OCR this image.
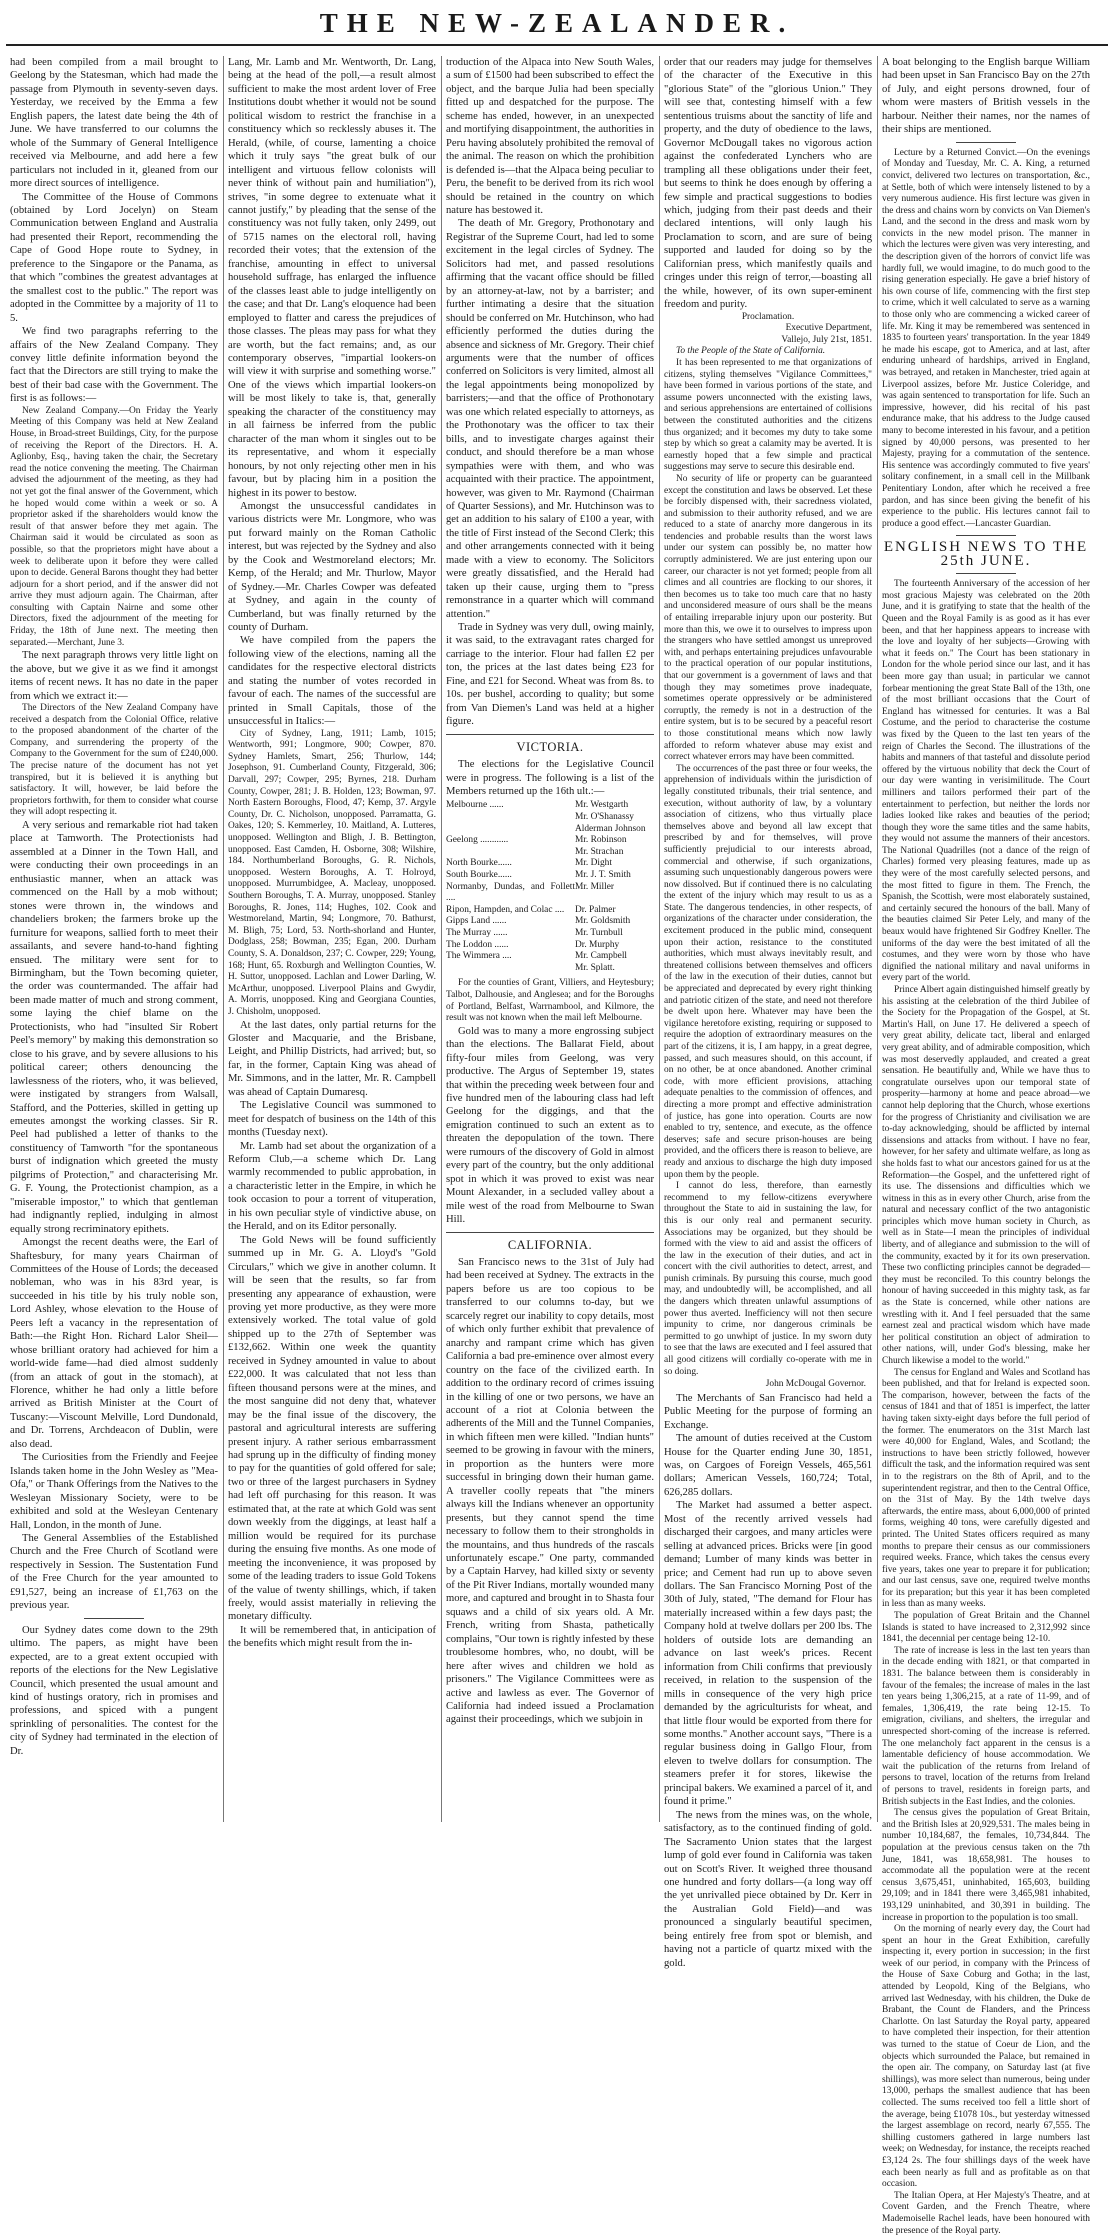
THE NEW-ZEALANDER.

had been compiled from a mail brought to Geelong by the Statesman, which had made the passage from Plymouth in seventy-seven days. Yesterday, we received by the Emma a few English papers, the latest date being the 4th of June. We have transferred to our columns the whole of the Summary of General Intelligence received via Melbourne, and add here a few particulars not included in it, gleaned from our more direct sources of intelligence.

The Committee of the House of Commons (obtained by Lord Jocelyn) on Steam Communication between England and Australia had presented their Report, recommending the Cape of Good Hope route to Sydney, in preference to the Singapore or the Panama, as that which "combines the greatest advantages at the smallest cost to the public." The report was adopted in the Committee by a majority of 11 to 5.

We find two paragraphs referring to the affairs of the New Zealand Company. They convey little definite information beyond the fact that the Directors are still trying to make the best of their bad case with the Government. The first is as follows:—

New Zealand Company.—On Friday the Yearly Meeting of this Company was held at New Zealand House, in Broad-street Buildings, City, for the purpose of receiving the Report of the Directors. H. A. Aglionby, Esq., having taken the chair, the Secretary read the notice convening the meeting. The Chairman advised the adjournment of the meeting, as they had not yet got the final answer of the Government, which he hoped would come within a week or so. A proprietor asked if the shareholders would know the result of that answer before they met again. The Chairman said it would be circulated as soon as possible, so that the proprietors might have about a week to deliberate upon it before they were called upon to decide. General Barons thought they had better adjourn for a short period, and if the answer did not arrive they must adjourn again. The Chairman, after consulting with Captain Nairne and some other Directors, fixed the adjournment of the meeting for Friday, the 18th of June next. The meeting then separated.—Merchant, June 3.

The next paragraph throws very little light on the above, but we give it as we find it amongst items of recent news. It has no date in the paper from which we extract it:—

The Directors of the New Zealand Company have received a despatch from the Colonial Office, relative to the proposed abandonment of the charter of the Company, and surrendering the property of the Company to the Government for the sum of £240,000. The precise nature of the document has not yet transpired, but it is believed it is anything but satisfactory. It will, however, be laid before the proprietors forthwith, for them to consider what course they will adopt respecting it.

A very serious and remarkable riot had taken place at Tamworth. The Protectionists had assembled at a Dinner in the Town Hall, and were conducting their own proceedings in an enthusiastic manner, when an attack was commenced on the Hall by a mob without; stones were thrown in, the windows and chandeliers broken; the farmers broke up the furniture for weapons, sallied forth to meet their assailants, and severe hand-to-hand fighting ensued. The military were sent for to Birmingham, but the Town becoming quieter, the order was countermanded. The affair had been made matter of much and strong comment, some laying the chief blame on the Protectionists, who had "insulted Sir Robert Peel's memory" by making this demonstration so close to his grave, and by severe allusions to his political career; others denouncing the lawlessness of the rioters, who, it was believed, were instigated by strangers from Walsall, Stafford, and the Potteries, skilled in getting up emeutes amongst the working classes. Sir R. Peel had published a letter of thanks to the constituency of Tamworth "for the spontaneous burst of indignation which greeted the musty pilgrims of Protection," and characterising Mr. G. F. Young, the Protectionist champion, as a "miserable impostor," to which that gentleman had indignantly replied, indulging in almost equally strong recriminatory epithets.

Amongst the recent deaths were, the Earl of Shaftesbury, for many years Chairman of Committees of the House of Lords; the deceased nobleman, who was in his 83rd year, is succeeded in his title by his truly noble son, Lord Ashley, whose elevation to the House of Peers left a vacancy in the representation of Bath:—the Right Hon. Richard Lalor Sheil—whose brilliant oratory had achieved for him a world-wide fame—had died almost suddenly (from an attack of gout in the stomach), at Florence, whither he had only a little before arrived as British Minister at the Court of Tuscany:—Viscount Melville, Lord Dundonald, and Dr. Torrens, Archdeacon of Dublin, were also dead.

The Curiosities from the Friendly and Feejee Islands taken home in the John Wesley as "Mea-Ofa," or Thank Offerings from the Natives to the Wesleyan Missionary Society, were to be exhibited and sold at the Wesleyan Centenary Hall, London, in the month of June.

The General Assemblies of the Established Church and the Free Church of Scotland were respectively in Session. The Sustentation Fund of the Free Church for the year amounted to £91,527, being an increase of £1,763 on the previous year.

Our Sydney dates come down to the 29th ultimo. The papers, as might have been expected, are to a great extent occupied with reports of the elections for the New Legislative Council, which presented the usual amount and kind of hustings oratory, rich in promises and professions, and spiced with a pungent sprinkling of personalities. The contest for the city of Sydney had terminated in the election of Dr.

Lang, Mr. Lamb and Mr. Wentworth, Dr. Lang, being at the head of the poll,—a result almost sufficient to make the most ardent lover of Free Institutions doubt whether it would not be sound political wisdom to restrict the franchise in a constituency which so recklessly abuses it. The Herald, (while, of course, lamenting a choice which it truly says "the great bulk of our intelligent and virtuous fellow colonists will never think of without pain and humiliation"), strives, "in some degree to extenuate what it cannot justify," by pleading that the sense of the constituency was not fully taken, only 2499, out of 5715 names on the electoral roll, having recorded their votes; that the extension of the franchise, amounting in effect to universal household suffrage, has enlarged the influence of the classes least able to judge intelligently on the case; and that Dr. Lang's eloquence had been employed to flatter and caress the prejudices of those classes. The pleas may pass for what they are worth, but the fact remains; and, as our contemporary observes, "impartial lookers-on will view it with surprise and something worse." One of the views which impartial lookers-on will be most likely to take is, that, generally speaking the character of the constituency may in all fairness be inferred from the public character of the man whom it singles out to be its representative, and whom it especially honours, by not only rejecting other men in his favour, but by placing him in a position the highest in its power to bestow.

Amongst the unsuccessful candidates in various districts were Mr. Longmore, who was put forward mainly on the Roman Catholic interest, but was rejected by the Sydney and also by the Cook and Westmoreland electors; Mr. Kemp, of the Herald; and Mr. Thurlow, Mayor of Sydney.—Mr. Charles Cowper was defeated at Sydney, and again in the county of Cumberland, but was finally returned by the county of Durham.

We have compiled from the papers the following view of the elections, naming all the candidates for the respective electoral districts and stating the number of votes recorded in favour of each. The names of the successful are printed in Small Capitals, those of the unsuccessful in Italics:—

City of Sydney, Lang, 1911; Lamb, 1015; Wentworth, 991; Longmore, 900; Cowper, 870. Sydney Hamlets, Smart, 256; Thurlow, 144; Josephson, 91. Cumberland County, Fitzgerald, 306; Darvall, 297; Cowper, 295; Byrnes, 218. Durham County, Cowper, 281; J. B. Holden, 123; Bowman, 97. North Eastern Boroughs, Flood, 47; Kemp, 37. Argyle County, Dr. C. Nicholson, unopposed. Parramatta, G. Oakes, 120; S. Kemmerley, 10. Maitland, A. Lutteres, unopposed. Wellington and Bligh, J. B. Bettington, unopposed. East Camden, H. Osborne, 308; Wilshire, 184. Northumberland Boroughs, G. R. Nichols, unopposed. Western Boroughs, A. T. Holroyd, unopposed. Murrumbidgee, A. Macleay, unopposed. Southern Boroughs, T. A. Murray, unopposed. Stanley Boroughs, R. Jones, 114; Hughes, 102. Cook and Westmoreland, Martin, 94; Longmore, 70. Bathurst, M. Bligh, 75; Lord, 53. North-shorland and Hunter, Dodglass, 258; Bowman, 235; Egan, 200. Durham County, S. A. Donaldson, 237; C. Cowper, 229; Young, 168; Hunt, 65. Roxburgh and Wellington Counties, W. H. Suttor, unopposed. Lachlan and Lower Darling, W. McArthur, unopposed. Liverpool Plains and Gwydir, A. Morris, unopposed. King and Georgiana Counties, J. Chisholm, unopposed.

At the last dates, only partial returns for the Gloster and Macquarie, and the Brisbane, Leight, and Phillip Districts, had arrived; but, so far, in the former, Captain King was ahead of Mr. Simmons, and in the latter, Mr. R. Campbell was ahead of Captain Dumaresq.

The Legislative Council was summoned to meet for despatch of business on the 14th of this months (Tuesday next).

Mr. Lamb had set about the organization of a Reform Club,—a scheme which Dr. Lang warmly recommended to public approbation, in a characteristic letter in the Empire, in which he took occasion to pour a torrent of vituperation, in his own peculiar style of vindictive abuse, on the Herald, and on its Editor personally.

The Gold News will be found sufficiently summed up in Mr. G. A. Lloyd's "Gold Circulars," which we give in another column. It will be seen that the results, so far from presenting any appearance of exhaustion, were proving yet more productive, as they were more extensively worked. The total value of gold shipped up to the 27th of September was £132,662. Within one week the quantity received in Sydney amounted in value to about £22,000. It was calculated that not less than fifteen thousand persons were at the mines, and the most sanguine did not deny that, whatever may be the final issue of the discovery, the pastoral and agricultural interests are suffering present injury. A rather serious embarrassment had sprung up in the difficulty of finding money to pay for the quantities of gold offered for sale; two or three of the largest purchasers in Sydney had left off purchasing for this reason. It was estimated that, at the rate at which Gold was sent down weekly from the diggings, at least half a million would be required for its purchase during the ensuing five months. As one mode of meeting the inconvenience, it was proposed by some of the leading traders to issue Gold Tokens of the value of twenty shillings, which, if taken freely, would assist materially in relieving the monetary difficulty.

It will be remembered that, in anticipation of the benefits which might result from the in-

troduction of the Alpaca into New South Wales, a sum of £1500 had been subscribed to effect the object, and the barque Julia had been specially fitted up and despatched for the purpose. The scheme has ended, however, in an unexpected and mortifying disappointment, the authorities in Peru having absolutely prohibited the removal of the animal. The reason on which the prohibition is defended is—that the Alpaca being peculiar to Peru, the benefit to be derived from its rich wool should be retained in the country on which nature has bestowed it.

The death of Mr. Gregory, Prothonotary and Registrar of the Supreme Court, had led to some excitement in the legal circles of Sydney. The Solicitors had met, and passed resolutions affirming that the vacant office should be filled by an attorney-at-law, not by a barrister; and further intimating a desire that the situation should be conferred on Mr. Hutchinson, who had efficiently performed the duties during the absence and sickness of Mr. Gregory. Their chief arguments were that the number of offices conferred on Solicitors is very limited, almost all the legal appointments being monopolized by barristers;—and that the office of Prothonotary was one which related especially to attorneys, as the Prothonotary was the officer to tax their bills, and to investigate charges against their conduct, and should therefore be a man whose sympathies were with them, and who was acquainted with their practice. The appointment, however, was given to Mr. Raymond (Chairman of Quarter Sessions), and Mr. Hutchinson was to get an addition to his salary of £100 a year, with the title of First instead of the Second Clerk; this and other arrangements connected with it being made with a view to economy. The Solicitors were greatly dissatisfied, and the Herald had taken up their cause, urging them to "press remonstrance in a quarter which will command attention."

Trade in Sydney was very dull, owing mainly, it was said, to the extravagant rates charged for carriage to the interior. Flour had fallen £2 per ton, the prices at the last dates being £23 for Fine, and £21 for Second. Wheat was from 8s. to 10s. per bushel, according to quality; but some from Van Diemen's Land was held at a higher figure.

VICTORIA.

The elections for the Legislative Council were in progress. The following is a list of the Members returned up the 16th ult.:—

Melbourne ......	Mr. Westgarth
	Mr. O'Shanassy
	Alderman Johnson
Geelong ............	Mr. Robinson
	Mr. Strachan
North Bourke......	Mr. Dight
South Bourke......	Mr. J. T. Smith
Normanby, Dundas, and Follett ....	Mr. Miller
Ripon, Hampden, and Colac ....	Dr. Palmer
Gipps Land ......	Mr. Goldsmith
The Murray ......	Mr. Turnbull
The Loddon ......	Dr. Murphy
The Wimmera ....	Mr. Campbell
	Mr. Splatt.

For the counties of Grant, Villiers, and Heytesbury; Talbot, Dalhousie, and Anglesea; and for the Boroughs of Portland, Belfast, Warrnambool, and Kilmore, the result was not known when the mail left Melbourne.

Gold was to many a more engrossing subject than the elections. The Ballarat Field, about fifty-four miles from Geelong, was very productive. The Argus of September 19, states that within the preceding week between four and five hundred men of the labouring class had left Geelong for the diggings, and that the emigration continued to such an extent as to threaten the depopulation of the town. There were rumours of the discovery of Gold in almost every part of the country, but the only additional spot in which it was proved to exist was near Mount Alexander, in a secluded valley about a mile west of the road from Melbourne to Swan Hill.

CALIFORNIA.

San Francisco news to the 31st of July had had been received at Sydney. The extracts in the papers before us are too copious to be transferred to our columns to-day, but we scarcely regret our inability to copy details, most of which only further exhibit that prevalence of anarchy and rampant crime which has given California a bad pre-eminence over almost every country on the face of the civilized earth. In addition to the ordinary record of crimes issuing in the killing of one or two persons, we have an account of a riot at Colonia between the adherents of the Mill and the Tunnel Companies, in which fifteen men were killed. "Indian hunts" seemed to be growing in favour with the miners, in proportion as the hunters were more successful in bringing down their human game. A traveller coolly repeats that "the miners always kill the Indians whenever an opportunity presents, but they cannot spend the time necessary to follow them to their strongholds in the mountains, and thus hundreds of the rascals unfortunately escape." One party, commanded by a Captain Harvey, had killed sixty or seventy of the Pit River Indians, mortally wounded many more, and captured and brought in to Shasta four squaws and a child of six years old. A Mr. French, writing from Shasta, pathetically complains, "Our town is rightly infested by these troublesome hombres, who, no doubt, will be here after wives and children we hold as prisoners." The Vigilance Committees were as active and lawless as ever. The Governor of California had indeed issued a Proclamation against their proceedings, which we subjoin in

order that our readers may judge for themselves of the character of the Executive in this "glorious State" of the "glorious Union." They will see that, contesting himself with a few sententious truisms about the sanctity of life and property, and the duty of obedience to the laws, Governor McDougall takes no vigorous action against the confederated Lynchers who are trampling all these obligations under their feet, but seems to think he does enough by offering a few simple and practical suggestions to bodies which, judging from their past deeds and their declared intentions, will only laugh his Proclamation to scorn, and are sure of being supported and lauded for doing so by the Californian press, which manifestly quails and cringes under this reign of terror,—boasting all the while, however, of its own super-eminent freedom and purity.

Proclamation.

Executive Department,

Vallejo, July 21st, 1851.

To the People of the State of California.

It has been represented to me that organizations of citizens, styling themselves "Vigilance Committees," have been formed in various portions of the state, and assume powers unconnected with the existing laws, and serious apprehensions are entertained of collisions between the constituted authorities and the citizens thus organized; and it becomes my duty to take some step by which so great a calamity may be averted. It is earnestly hoped that a few simple and practical suggestions may serve to secure this desirable end.

No security of life or property can be guaranteed except the constitution and laws be observed. Let these be forcibly dispensed with, their sacredness violated, and submission to their authority refused, and we are reduced to a state of anarchy more dangerous in its tendencies and probable results than the worst laws under our system can possibly be, no matter how corruptly administered. We are just entering upon our career, our character is not yet formed; people from all climes and all countries are flocking to our shores, it then becomes us to take too much care that no hasty and unconsidered measure of ours shall be the means of entailing irreparable injury upon our posterity. But more than this, we owe it to ourselves to impress upon the strangers who have settled amongst us unreproved with, and perhaps entertaining prejudices unfavourable to the practical operation of our popular institutions, that our government is a government of laws and that though they may sometimes prove inadequate, sometimes operate oppressively or be administered corruptly, the remedy is not in a destruction of the entire system, but is to be secured by a peaceful resort to those constitutional means which now lawly afforded to reform whatever abuse may exist and correct whatever errors may have been committed.

The occurrences of the past three or four weeks, the apprehension of individuals within the jurisdiction of legally constituted tribunals, their trial sentence, and execution, without authority of law, by a voluntary association of citizens, who thus virtually place themselves above and beyond all law except that prescribed by and for themselves, will prove sufficiently prejudicial to our interests abroad, commercial and otherwise, if such organizations, assuming such unquestionably dangerous powers were now dissolved. But if continued there is no calculating the extent of the injury which may result to us as a State. The dangerous tendencies, in other respects, of organizations of the character under consideration, the excitement produced in the public mind, consequent upon their action, resistance to the constituted authorities, which must always inevitably result, and threatened collisions between themselves and officers of the law in the execution of their duties, cannot but be appreciated and deprecated by every right thinking and patriotic citizen of the state, and need not therefore be dwelt upon here. Whatever may have been the vigilance heretofore existing, requiring or supposed to require the adoption of extraordinary measures on the part of the citizens, it is, I am happy, in a great degree, passed, and such measures should, on this account, if on no other, be at once abandoned. Another criminal code, with more efficient provisions, attaching adequate penalties to the commission of offences, and directing a more prompt and effective administration of justice, has gone into operation. Courts are now enabled to try, sentence, and execute, as the offence deserves; safe and secure prison-houses are being provided, and the officers there is reason to believe, are ready and anxious to discharge the high duty imposed upon them by the people.

I cannot do less, therefore, than earnestly recommend to my fellow-citizens everywhere throughout the State to aid in sustaining the law, for this is our only real and permanent security. Associations may be organized, but they should be formed with the view to aid and assist the officers of the law in the execution of their duties, and act in concert with the civil authorities to detect, arrest, and punish criminals. By pursuing this course, much good may, and undoubtedly will, be accomplished, and all the dangers which threaten unlawful assumptions of power thus averted. Inefficiency will not then secure impunity to crime, nor dangerous criminals be permitted to go unwhipt of justice. In my sworn duty to see that the laws are executed and I feel assured that all good citizens will cordially co-operate with me in so doing.

John McDougal Governor.

The Merchants of San Francisco had held a Public Meeting for the purpose of forming an Exchange.

The amount of duties received at the Custom House for the Quarter ending June 30, 1851, was, on Cargoes of Foreign Vessels, 465,561 dollars; American Vessels, 160,724; Total, 626,285 dollars.

The Market had assumed a better aspect. Most of the recently arrived vessels had discharged their cargoes, and many articles were selling at advanced prices. Bricks were [in good demand; Lumber of many kinds was better in price; and Cement had run up to above seven dollars. The San Francisco Morning Post of the 30th of July, stated, "The demand for Flour has materially increased within a few days past; the Company hold at twelve dollars per 200 lbs. The holders of outside lots are demanding an advance on last week's prices. Recent information from Chili confirms that previously received, in relation to the suspension of the mills in consequence of the very high price demanded by the agriculturists for wheat, and that little flour would be exported from there for some months." Another account says, "There is a regular business doing in Gallgo Flour, from eleven to twelve dollars for consumption. The steamers prefer it for stores, likewise the principal bakers. We examined a parcel of it, and found it prime."

The news from the mines was, on the whole, satisfactory, as to the continued finding of gold. The Sacramento Union states that the largest lump of gold ever found in California was taken out on Scott's River. It weighed three thousand one hundred and forty dollars—(a long way off the yet unrivalled piece obtained by Dr. Kerr in the Australian Gold Field)—and was pronounced a singularly beautiful specimen, being entirely free from spot or blemish, and having not a particle of quartz mixed with the gold.

A boat belonging to the English barque William had been upset in San Francisco Bay on the 27th of July, and eight persons drowned, four of whom were masters of British vessels in the harbour. Neither their names, nor the names of their ships are mentioned.

Lecture by a Returned Convict.—On the evenings of Monday and Tuesday, Mr. C. A. King, a returned convict, delivered two lectures on transportation, &c., at Settle, both of which were intensely listened to by a very numerous audience. His first lecture was given in the dress and chains worn by convicts on Van Diemen's Land, and the second in the dress and mask worn by convicts in the new model prison. The manner in which the lectures were given was very interesting, and the description given of the horrors of convict life was hardly full, we would imagine, to do much good to the rising generation especially. He gave a brief history of his own course of life, commencing with the first step to crime, which it well calculated to serve as a warning to those only who are commencing a wicked career of life. Mr. King it may be remembered was sentenced in 1835 to fourteen years' transportation. In the year 1849 he made his escape, got to America, and at last, after enduring unheard of hardships, arrived in England, was betrayed, and retaken in Manchester, tried again at Liverpool assizes, before Mr. Justice Coleridge, and was again sentenced to transportation for life. Such an impressive, however, did his recital of his past endurance make, that his address to the Judge caused many to become interested in his favour, and a petition signed by 40,000 persons, was presented to her Majesty, praying for a commutation of the sentence. His sentence was accordingly commuted to five years' solitary confinement, in a small cell in the Millbank Penitentiary London, after which he received a free pardon, and has since been giving the benefit of his experience to the public. His lectures cannot fail to produce a good effect.—Lancaster Guardian.

ENGLISH NEWS TO THE 25th JUNE.

The fourteenth Anniversary of the accession of her most gracious Majesty was celebrated on the 20th June, and it is gratifying to state that the health of the Queen and the Royal Family is as good as it has ever been, and that her happiness appears to increase with the love and loyalty of her subjects—Growing with what it feeds on." The Court has been stationary in London for the whole period since our last, and it has been more gay than usual; in particular we cannot forbear mentioning the great State Ball of the 13th, one of the most brilliant occasions that the Court of England has witnessed for centuries. It was a Bal Costume, and the period to characterise the costume was fixed by the Queen to the last ten years of the reign of Charles the Second. The illustrations of the habits and manners of that tasteful and dissolute period offered by the virtuous nobility that deck the Court of our day were wanting in verisimilitude. The Court milliners and tailors performed their part of the entertainment to perfection, but neither the lords nor ladies looked like rakes and beauties of the period; though they wore the same titles and the same habits, they would not assume the manners of their ancestors. The National Quadrilles (not a dance of the reign of Charles) formed very pleasing features, made up as they were of the most carefully selected persons, and the most fitted to figure in them. The French, the Spanish, the Scottish, were most elaborately sustained, and certainly secured the honours of the ball. Many of the beauties claimed Sir Peter Lely, and many of the beaux would have frightened Sir Godfrey Kneller. The uniforms of the day were the best imitated of all the costumes, and they were worn by those who have dignified the national military and naval uniforms in every part of the world.

Prince Albert again distinguished himself greatly by his assisting at the celebration of the third Jubilee of the Society for the Propagation of the Gospel, at St. Martin's Hall, on June 17. He delivered a speech of very great ability, delicate tact, liberal and enlarged very great ability, and of admirable composition, which was most deservedly applauded, and created a great sensation. He beautifully and, While we have thus to congratulate ourselves upon our temporal state of prosperity—harmony at home and peace abroad—we cannot help deploring that the Church, whose exertions for the progress of Christianity and civilisation we are to-day acknowledging, should be afflicted by internal dissensions and attacks from without. I have no fear, however, for her safety and ultimate welfare, as long as she holds fast to what our ancestors gained for us at the Reformation—the Gospel, and the unfettered right of its use. The dissensions and difficulties which we witness in this as in every other Church, arise from the natural and necessary conflict of the two antagonistic principles which move human society in Church, as well as in State—I mean the principles of individual liberty, and of allegiance and submission to the will of the community, exacted by it for its own preservation. These two conflicting principles cannot be degraded—they must be reconciled. To this country belongs the honour of having succeeded in this mighty task, as far as the State is concerned, while other nations are wrestling with it. And I feel persuaded that the same earnest zeal and practical wisdom which have made her political constitution an object of admiration to other nations, will, under God's blessing, make her Church likewise a model to the world."

The census for England and Wales and Scotland has been published, and that for Ireland is expected soon. The comparison, however, between the facts of the census of 1841 and that of 1851 is imperfect, the latter having taken sixty-eight days before the full period of the former. The enumerators on the 31st March last were 40,000 for England, Wales, and Scotland; the instructions to have been strictly followed, however difficult the task, and the information required was sent in to the registrars on the 8th of April, and to the superintendent registrar, and then to the Central Office, on the 31st of May. By the 14th twelve days afterwards, the entire mass, about 6,000,000 of printed forms, weighing 40 tons, were carefully digested and printed. The United States officers required as many months to prepare their census as our commissioners required weeks. France, which takes the census every five years, takes one year to prepare it for publication; and our last census, save one, required twelve months for its preparation; but this year it has been completed in less than as many weeks.

The population of Great Britain and the Channel Islands is stated to have increased to 2,312,992 since 1841, the decennial per centage being 12-10.

The rate of increase is less in the last ten years than in the decade ending with 1821, or that comparted in 1831. The balance between them is considerably in favour of the females; the increase of males in the last ten years being 1,306,215, at a rate of 11-99, and of females, 1,306,419, the rate being 12-15. To emigration, civilians, and shelters, the irregular and unrespected short-coming of the increase is referred. The one melancholy fact apparent in the census is a lamentable deficiency of house accommodation. We wait the publication of the returns from Ireland of persons to travel, location of the returns from Ireland of persons to travel, residents in foreign parts, and British subjects in the East Indies, and the colonies.

The census gives the population of Great Britain, and the British Isles at 20,929,531. The males being in number 10,184,687, the females, 10,734,844. The population at the previous census taken on the 7th June, 1841, was 18,658,981. The houses to accommodate all the population were at the recent census 3,675,451, uninhabited, 165,603, building 29,109; and in 1841 there were 3,465,981 inhabited, 193,129 uninhabited, and 30,391 in building. The increase in proportion to the population is too small.

On the morning of nearly every day, the Court had spent an hour in the Great Exhibition, carefully inspecting it, every portion in succession; in the first week of our period, in company with the Princess of the House of Saxe Coburg and Gotha; in the last, attended by Leopold, King of the Belgians, who arrived last Wednesday, with his children, the Duke de Brabant, the Count de Flanders, and the Princess Charlotte. On last Saturday the Royal party, appeared to have completed their inspection, for their attention was turned to the statue of Coeur de Lion, and the objects which surrounded the Palace, but remained in the open air. The company, on Saturday last (at five shillings), was more select than numerous, being under 13,000, perhaps the smallest audience that has been collected. The sums received too fell a little short of the average, being £1078 10s., but yesterday witnessed the largest assemblage on record, nearly 67,555. The shilling customers gathered in large numbers last week; on Wednesday, for instance, the receipts reached £3,124 2s. The four shillings days of the week have each been nearly as full and as profitable as on that occasion.

The Italian Opera, at Her Majesty's Theatre, and at Covent Garden, and the French Theatre, where Mademoiselle Rachel leads, have been honoured with the presence of the Royal party.
